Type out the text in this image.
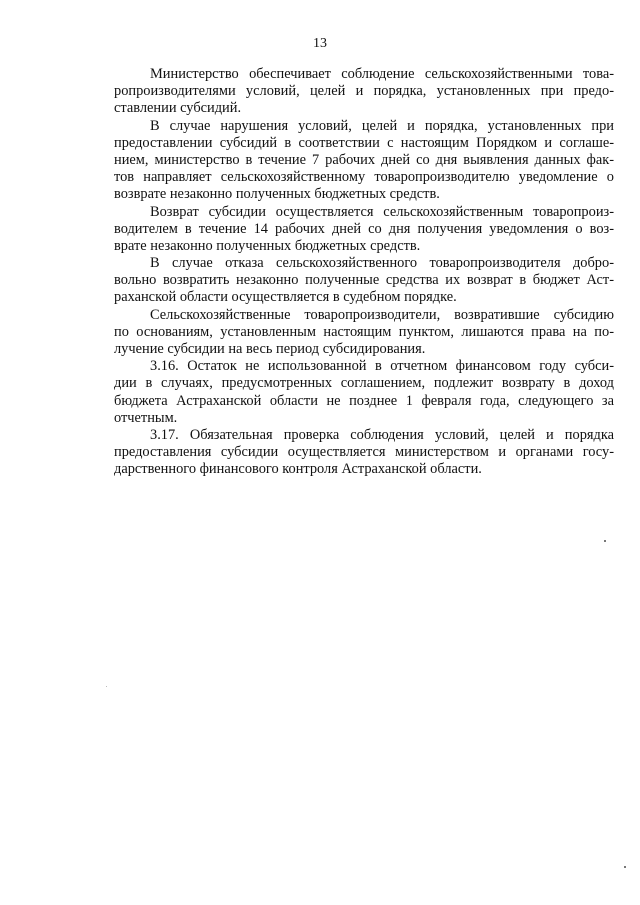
13
Министерство обеспечивает соблюдение сельскохозяйственными това-
ропроизводителями условий, целей и порядка, установленных при предо-
ставлении субсидий.
В случае нарушения условий, целей и порядка, установленных при
предоставлении субсидий в соответствии с настоящим Порядком и соглаше-
нием, министерство в течение 7 рабочих дней со дня выявления данных фак-
тов направляет сельскохозяйственному товаропроизводителю уведомление о
возврате незаконно полученных бюджетных средств.
Возврат субсидии осуществляется сельскохозяйственным товаропроиз-
водителем в течение 14 рабочих дней со дня получения уведомления о воз-
врате незаконно полученных бюджетных средств.
В случае отказа сельскохозяйственного товаропроизводителя добро-
вольно возвратить незаконно полученные средства их возврат в бюджет Аст-
раханской области осуществляется в судебном порядке.
Сельскохозяйственные товаропроизводители, возвратившие субсидию
по основаниям, установленным настоящим пунктом, лишаются права на по-
лучение субсидии на весь период субсидирования.
3.16. Остаток не использованной в отчетном финансовом году субси-
дии в случаях, предусмотренных соглашением, подлежит возврату в доход
бюджета Астраханской области не позднее 1 февраля года, следующего за
отчетным.
3.17. Обязательная проверка соблюдения условий, целей и порядка
предоставления субсидии осуществляется министерством и органами госу-
дарственного финансового контроля Астраханской области.
